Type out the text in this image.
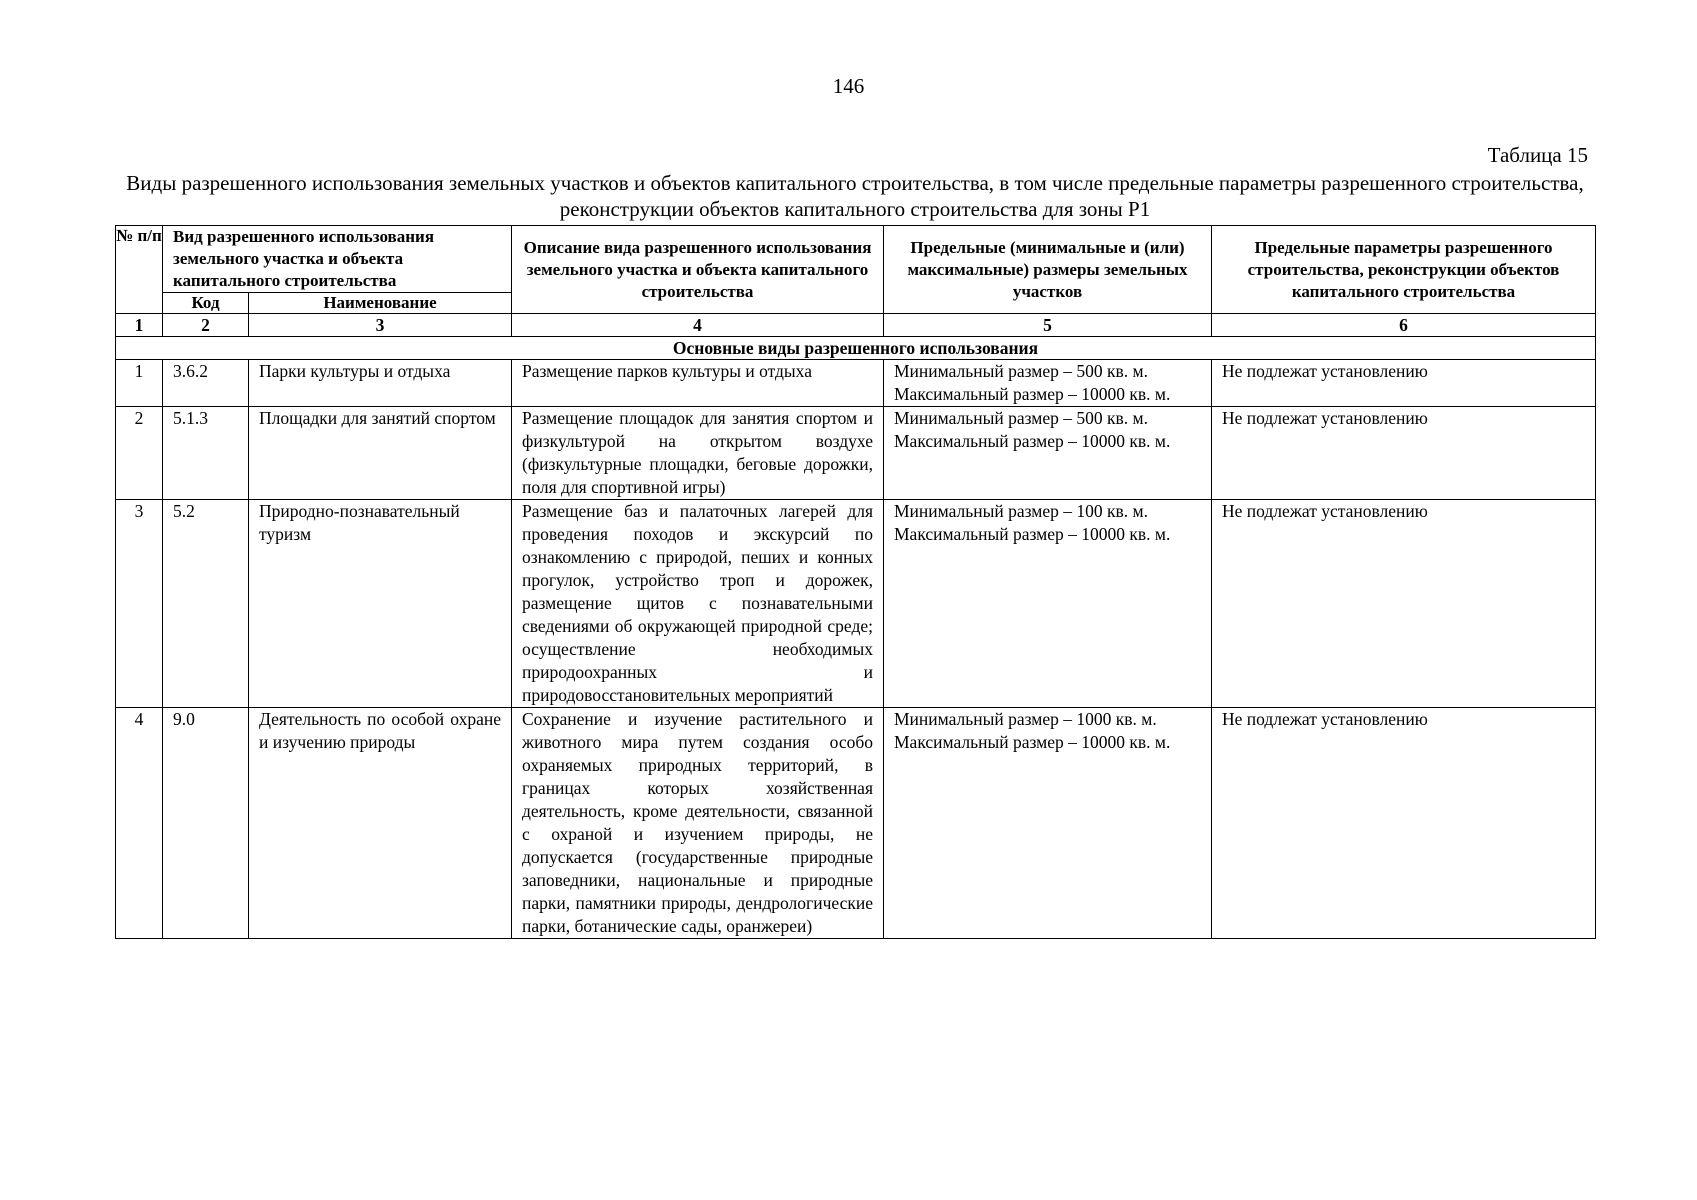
146
Таблица 15
Виды разрешенного использования земельных участков и объектов капитального строительства, в том числе предельные параметры разрешенного строительства, реконструкции объектов капитального строительства для зоны Р1
№ п/п	Вид разрешенного использования земельного участка и объекта капитального строительства		Описание вида разрешенного использования земельного участка и объекта капитального строительства	Предельные (минимальные и (или) максимальные) размеры земельных участков	Предельные параметры разрешенного строительства, реконструкции объектов капитального строительства
	Код	Наименование			
1	2	3	4	5	6
Основные виды разрешенного использования					
1	3.6.2	Парки культуры и отдыха	Размещение парков культуры и отдыха	Минимальный размер – 500 кв. м. Максимальный размер – 10000 кв. м.	Не подлежат установлению
2	5.1.3	Площадки для занятий спортом	Размещение площадок для занятия спортом и физкультурой на открытом воздухе (физкультурные площадки, беговые дорожки, поля для спортивной игры)	Минимальный размер – 500 кв. м. Максимальный размер – 10000 кв. м.	Не подлежат установлению
3	5.2	Природно-познавательный туризм	Размещение баз и палаточных лагерей для проведения походов и экскурсий по ознакомлению с природой, пеших и конных прогулок, устройство троп и дорожек, размещение щитов с познавательными сведениями об окружающей природной среде; осуществление необходимых природоохранных и природовосстановительных мероприятий	Минимальный размер – 100 кв. м. Максимальный размер – 10000 кв. м.	Не подлежат установлению
4	9.0	Деятельность по особой охране и изучению природы	Сохранение и изучение растительного и животного мира путем создания особо охраняемых природных территорий, в границах которых хозяйственная деятельность, кроме деятельности, связанной с охраной и изучением природы, не допускается (государственные природные заповедники, национальные и природные парки, памятники природы, дендрологические парки, ботанические сады, оранжереи)	Минимальный размер – 1000 кв. м. Максимальный размер – 10000 кв. м.	Не подлежат установлению
